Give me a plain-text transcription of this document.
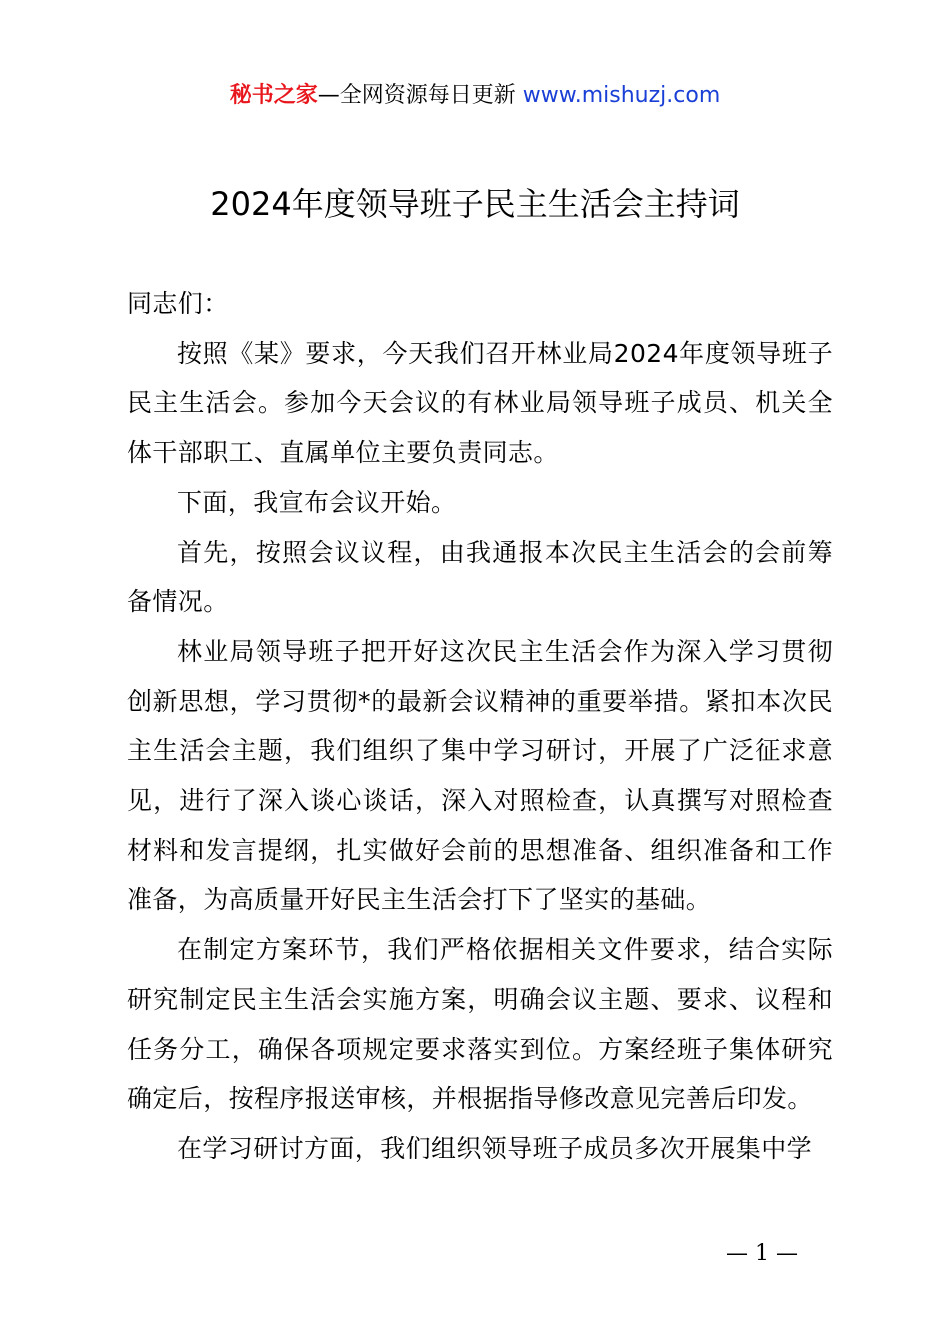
秘书之家—全网资源每日更新 www.mishuzj.com
2024年度领导班子民主生活会主持词

同志们：

按照《某》要求，今天我们召开林业局2024年度领导班子民主生活会。参加今天会议的有林业局领导班子成员、机关全体干部职工、直属单位主要负责同志。

下面，我宣布会议开始。

首先，按照会议议程，由我通报本次民主生活会的会前筹备情况。

林业局领导班子把开好这次民主生活会作为深入学习贯彻创新思想，学习贯彻*的最新会议精神的重要举措。紧扣本次民主生活会主题，我们组织了集中学习研讨，开展了广泛征求意见，进行了深入谈心谈话，深入对照检查，认真撰写对照检查材料和发言提纲，扎实做好会前的思想准备、组织准备和工作准备，为高质量开好民主生活会打下了坚实的基础。

在制定方案环节，我们严格依据相关文件要求，结合实际研究制定民主生活会实施方案，明确会议主题、要求、议程和任务分工，确保各项规定要求落实到位。方案经班子集体研究确定后，按程序报送审核，并根据指导修改意见完善后印发。

在学习研讨方面，我们组织领导班子成员多次开展集中学

— 1 —
